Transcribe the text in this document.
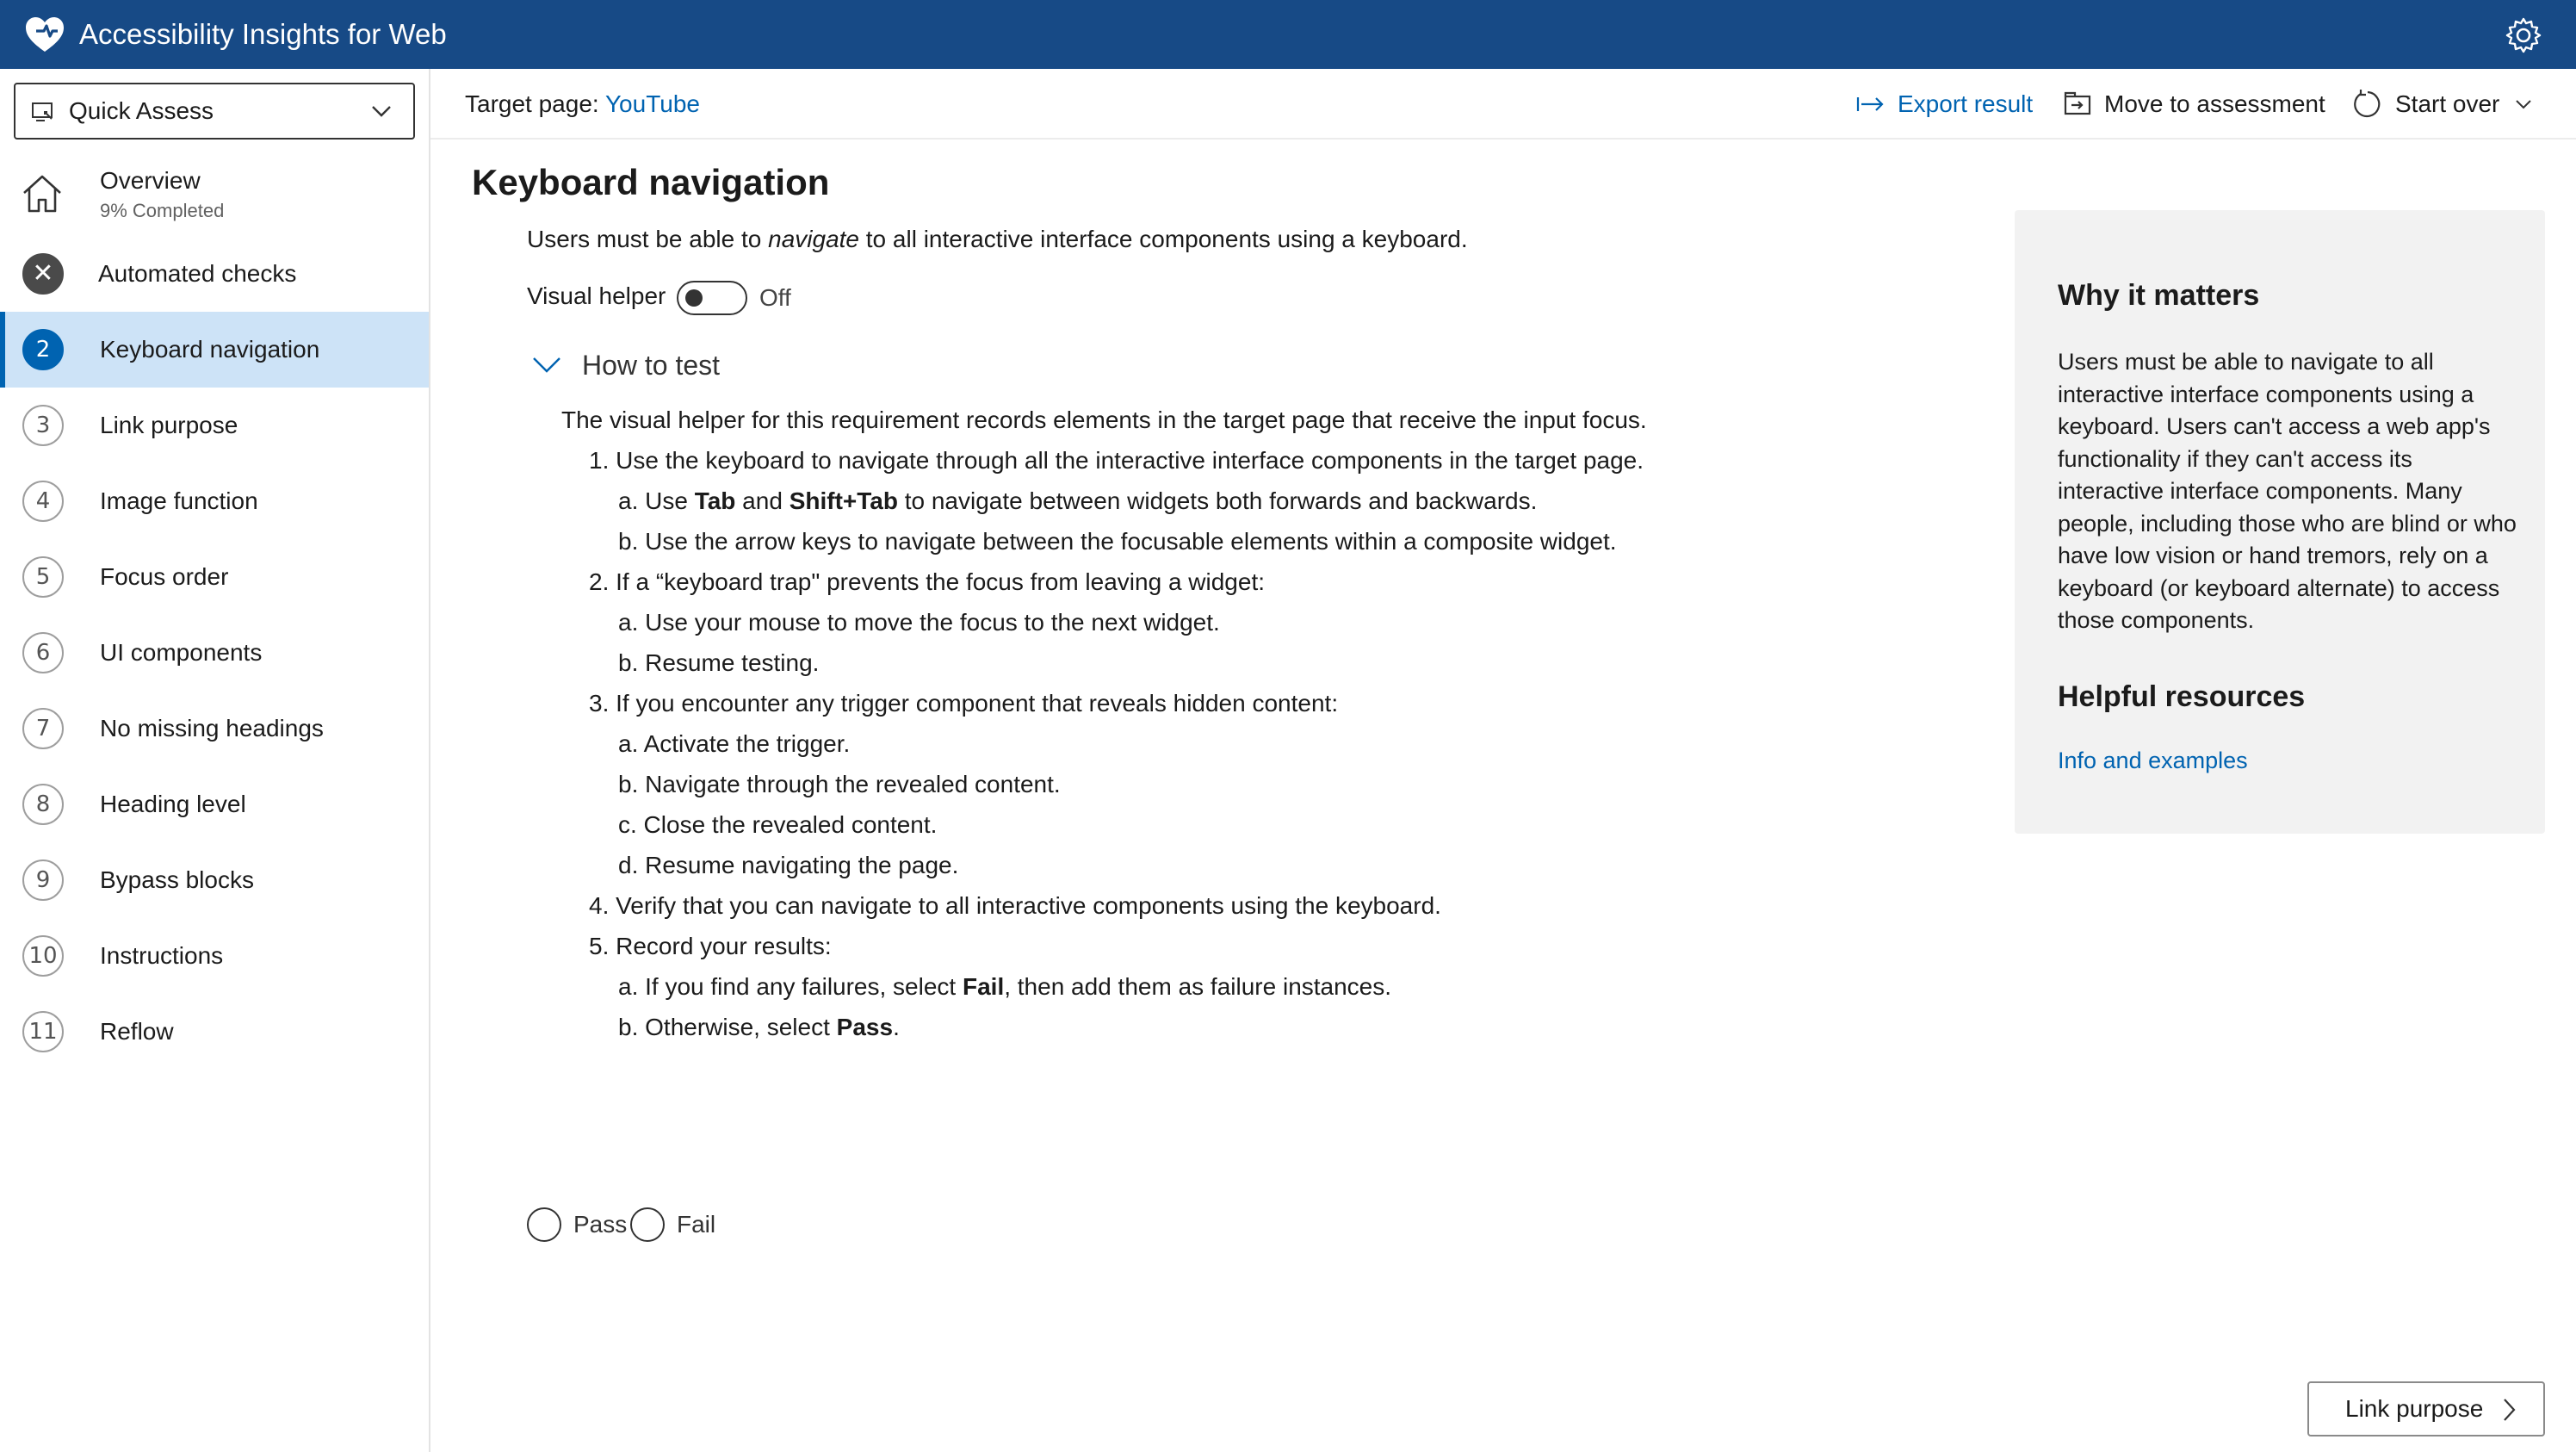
Accessibility Insights for Web
Quick Assess
Overview
9% Completed
✕	Automated checks
2	Keyboard navigation
3	Link purpose
4	Image function
5	Focus order
6	UI components
7	No missing headings
8	Heading level
9	Bypass blocks
10 Instructions
11 Reflow
Target page: YouTube	Export result	Move to assessment	Start over
Keyboard navigation

Users must be able to navigate to all interactive interface components using a keyboard.

Visual helper	Off
How to test
The visual helper for this requirement records elements in the target page that receive the input focus.
1. Use the keyboard to navigate through all the interactive interface components in the target page.
a. Use Tab and Shift+Tab to navigate between widgets both forwards and backwards.
b. Use the arrow keys to navigate between the focusable elements within a composite widget.
2. If a “keyboard trap" prevents the focus from leaving a widget:
a. Use your mouse to move the focus to the next widget.
b. Resume testing.
3. If you encounter any trigger component that reveals hidden content:
a. Activate the trigger.
b. Navigate through the revealed content.
c. Close the revealed content.
d. Resume navigating the page.
4. Verify that you can navigate to all interactive components using the keyboard.
5. Record your results:
a. If you find any failures, select Fail, then add them as failure instances.
b. Otherwise, select Pass.
Pass Fail
Why it matters

Users must be able to navigate to all interactive interface components using a keyboard. Users can't access a web app's functionality if they can't access its interactive interface components. Many people, including those who are blind or who have low vision or hand tremors, rely on a keyboard (or keyboard alternate) to access those components.

Helpful resources
Info and examples
Link purpose
